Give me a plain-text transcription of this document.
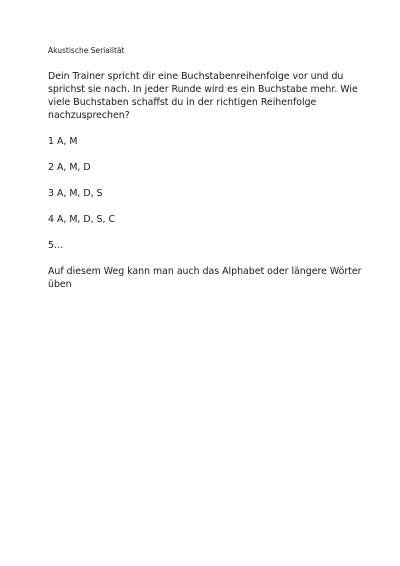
Akustische Serialität

Dein Trainer spricht dir eine Buchstabenreihenfolge vor und du sprichst sie nach. In jeder Runde wird es ein Buchstabe mehr. Wie viele Buchstaben schaffst du in der richtigen Reihenfolge nachzusprechen?

1 A, M

2 A, M, D

3 A, M, D, S

4 A, M, D, S, C

5…

Auf diesem Weg kann man auch das Alphabet oder längere Wörter üben
